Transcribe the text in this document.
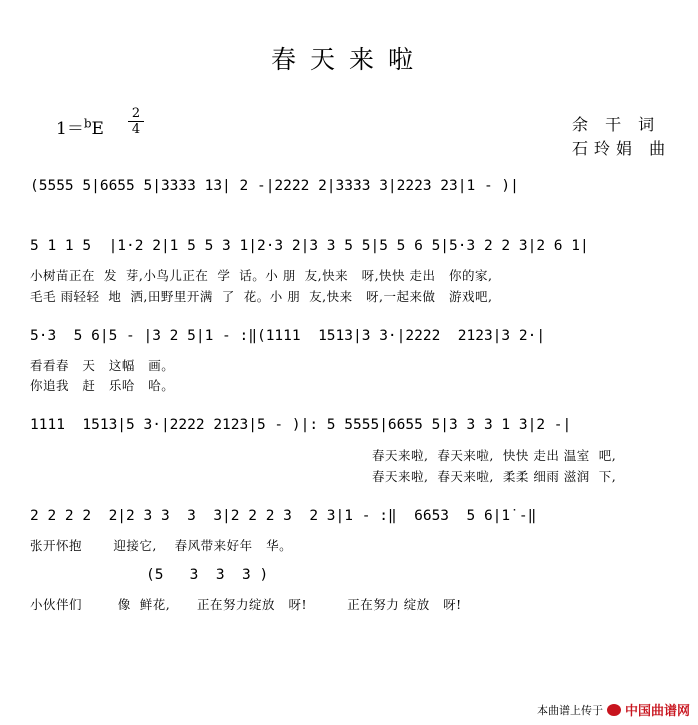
春天来啦
1＝$^b$E
2
4	余 干 词
石玲娟 曲
(5555 5|6655 5|3333 13| 2 -|2222 2|3333 3|2223 23|1 - )|
5 1 1 5  |1·2 2|1 5 5 3 1|2·3 2|3 3 5 5|5 5 6 5|5·3 2 2 3|2 6 1|
5·3  5 6|5 - |3 2 5|1 - :‖(1111  1513|3 3·|2222  2123|3 2·|
1111  1513|5 3·|2222 2123|5 - )|: 5 5555|6655 5|3 3 3 1 3|2 -|
2 2 2 2  2|2 3 3  3  3|2 2 2 3  2 3|1 - :‖  6653  5 6|1̇ -‖
(5   3  3  3 )
小树苗正在  发  芽,小鸟儿正在  学  话。小 朋  友,快来   呀,快快 走出   你的家,
毛毛 雨轻轻  地  洒,田野里开满  了  花。小 朋  友,快来   呀,一起来做   游戏吧,
看看春   天   这幅   画。
你追我   赶   乐哈   哈。
春天来啦,  春天来啦,  快快 走出 温室  吧,
春天来啦,  春天来啦,  柔柔 细雨 滋润  下,
张开怀抱       迎接它,    春风带来好年   华。
小伙伴们        像  鲜花,      正在努力绽放   呀!         正在努力 绽放   呀!
本曲谱上传于 中国曲谱网
